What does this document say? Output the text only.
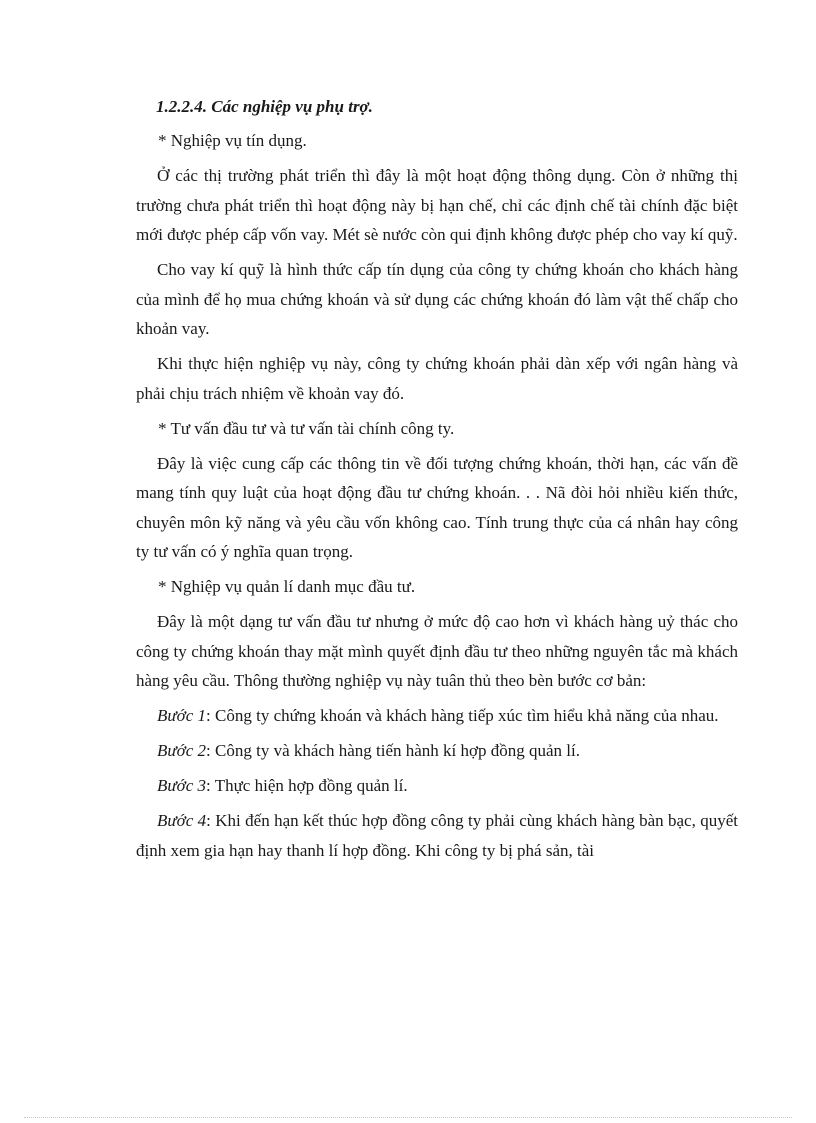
1.2.2.4. Các nghiệp vụ phụ trợ.

* Nghiệp vụ tín dụng.

Ở các thị trường phát triển thì đây là một hoạt động thông dụng. Còn ở những thị trường chưa phát triển thì hoạt động này bị hạn chế, chỉ các định chế tài chính đặc biệt mới được phép cấp vốn vay. Mét sè nước còn qui định không được phép cho vay kí quỹ.

Cho vay kí quỹ là hình thức cấp tín dụng của công ty chứng khoán cho khách hàng của mình để họ mua chứng khoán và sử dụng các chứng khoán đó làm vật thế chấp cho khoản vay.

Khi thực hiện nghiệp vụ này, công ty chứng khoán phải dàn xếp với ngân hàng và phải chịu trách nhiệm về khoản vay đó.

* Tư vấn đầu tư và tư vấn tài chính công ty.

Đây là việc cung cấp các thông tin về đối tượng chứng khoán, thời hạn, các vấn đề mang tính quy luật của hoạt động đầu tư chứng khoán. . . Nã đòi hỏi nhiều kiến thức, chuyên môn kỹ năng và yêu cầu vốn không cao. Tính trung thực của cá nhân hay công ty tư vấn có ý nghĩa quan trọng.

* Nghiệp vụ quản lí danh mục đầu tư.

Đây là một dạng tư vấn đầu tư nhưng ở mức độ cao hơn vì khách hàng uỷ thác cho công ty chứng khoán thay mặt mình quyết định đầu tư theo những nguyên tắc mà khách hàng yêu cầu. Thông thường nghiệp vụ này tuân thủ theo bèn bước cơ bản:

Bước 1: Công ty chứng khoán và khách hàng tiếp xúc tìm hiểu khả năng của nhau.

Bước 2: Công ty và khách hàng tiến hành kí hợp đồng quản lí.

Bước 3: Thực hiện hợp đồng quản lí.

Bước 4: Khi đến hạn kết thúc hợp đồng công ty phải cùng khách hàng bàn bạc, quyết định xem gia hạn hay thanh lí hợp đồng. Khi công ty bị phá sản, tài
